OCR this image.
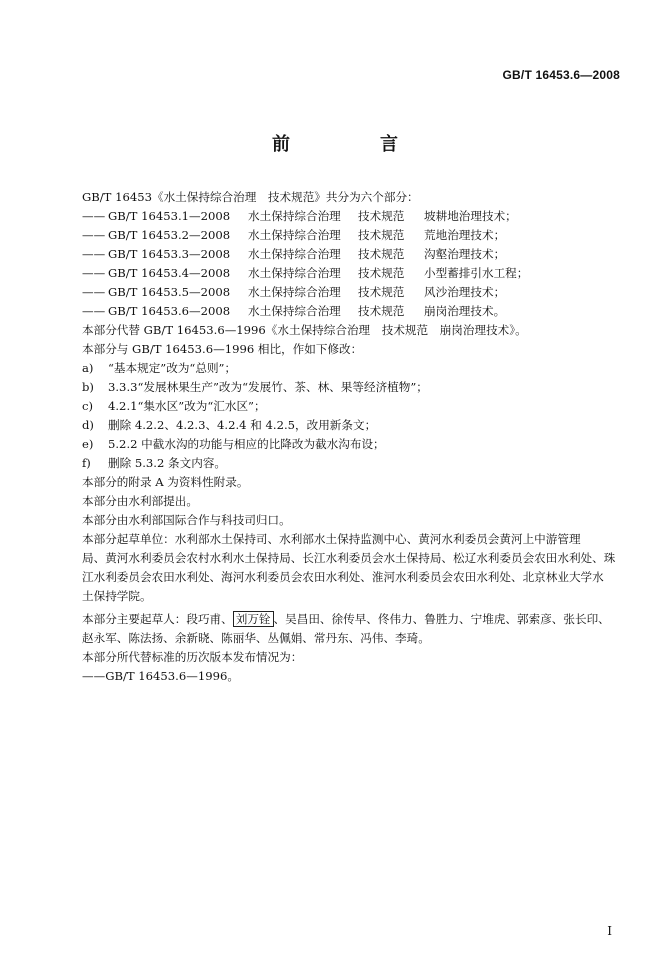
GB/T 16453.6—2008
前　言
GB/T 16453《水土保持综合治理　技术规范》共分为六个部分：
—— GB/T 16453.1—2008 水土保持综合治理 技术规范 坡耕地治理技术；
—— GB/T 16453.2—2008 水土保持综合治理 技术规范 荒地治理技术；
—— GB/T 16453.3—2008 水土保持综合治理 技术规范 沟壑治理技术；
—— GB/T 16453.4—2008 水土保持综合治理 技术规范 小型蓄排引水工程；
—— GB/T 16453.5—2008 水土保持综合治理 技术规范 风沙治理技术；
—— GB/T 16453.6—2008 水土保持综合治理 技术规范 崩岗治理技术。
本部分代替 GB/T 16453.6—1996《水土保持综合治理　技术规范　崩岗治理技术》。
本部分与 GB/T 16453.6—1996 相比，作如下修改：
a)	“基本规定”改为“总则”；
b)	3.3.3“发展林果生产”改为“发展竹、茶、林、果等经济植物”；
c)	4.2.1“集水区”改为“汇水区”；
d)	删除 4.2.2、4.2.3、4.2.4 和 4.2.5，改用新条文；
e)	5.2.2 中截水沟的功能与相应的比降改为截水沟布设；
f)	删除 5.3.2 条文内容。
本部分的附录 A 为资料性附录。
本部分由水利部提出。
本部分由水利部国际合作与科技司归口。
本部分起草单位：水利部水土保持司、水利部水土保持监测中心、黄河水利委员会黄河上中游管理
局、黄河水利委员会农村水利水土保持局、长江水利委员会水土保持局、松辽水利委员会农田水利处、珠
江水利委员会农田水利处、海河水利委员会农田水利处、淮河水利委员会农田水利处、北京林业大学水
土保持学院。
本部分主要起草人：段巧甫、 刘万铨 、吴昌田、徐传早、佟伟力、鲁胜力、宁堆虎、郭索彦、张长印、
赵永军、陈法扬、余新晓、陈丽华、丛佩娟、常丹东、冯伟、李琦。
本部分所代替标准的历次版本发布情况为：
——GB/T 16453.6—1996。
I
